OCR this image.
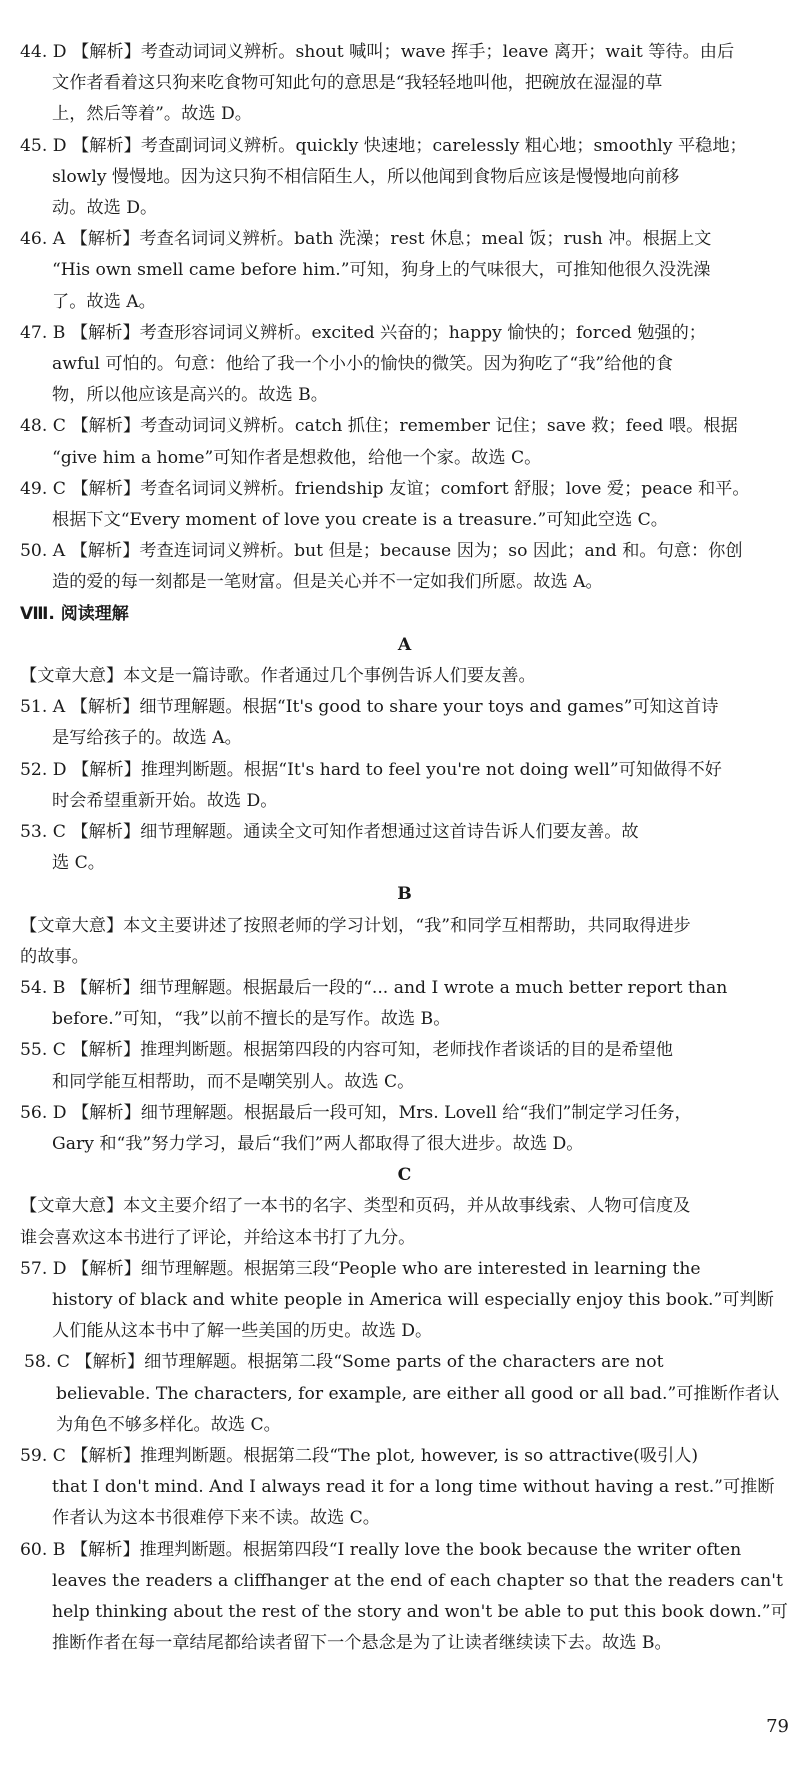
44. D 【解析】考查动词词义辨析。shout 喊叫；wave 挥手；leave 离开；wait 等待。由后
文作者看着这只狗来吃食物可知此句的意思是“我轻轻地叫他，把碗放在湿湿的草
上，然后等着”。故选 D。
45. D 【解析】考查副词词义辨析。quickly 快速地；carelessly 粗心地；smoothly 平稳地；
slowly 慢慢地。因为这只狗不相信陌生人，所以他闻到食物后应该是慢慢地向前移
动。故选 D。
46. A 【解析】考查名词词义辨析。bath 洗澡；rest 休息；meal 饭；rush 冲。根据上文
“His own smell came before him.”可知，狗身上的气味很大，可推知他很久没洗澡
了。故选 A。
47. B 【解析】考查形容词词义辨析。excited 兴奋的；happy 愉快的；forced 勉强的；
awful 可怕的。句意：他给了我一个小小的愉快的微笑。因为狗吃了“我”给他的食
物，所以他应该是高兴的。故选 B。
48. C 【解析】考查动词词义辨析。catch 抓住；remember 记住；save 救；feed 喂。根据
“give him a home”可知作者是想救他，给他一个家。故选 C。
49. C 【解析】考查名词词义辨析。friendship 友谊；comfort 舒服；love 爱；peace 和平。
根据下文“Every moment of love you create is a treasure.”可知此空选 C。
50. A 【解析】考查连词词义辨析。but 但是；because 因为；so 因此；and 和。句意：你创
造的爱的每一刻都是一笔财富。但是关心并不一定如我们所愿。故选 A。
Ⅷ. 阅读理解
A
【文章大意】本文是一篇诗歌。作者通过几个事例告诉人们要友善。
51. A 【解析】细节理解题。根据“It's good to share your toys and games”可知这首诗
是写给孩子的。故选 A。
52. D 【解析】推理判断题。根据“It's hard to feel you're not doing well”可知做得不好
时会希望重新开始。故选 D。
53. C 【解析】细节理解题。通读全文可知作者想通过这首诗告诉人们要友善。故
选 C。
B
【文章大意】本文主要讲述了按照老师的学习计划，“我”和同学互相帮助，共同取得进步
的故事。
54. B 【解析】细节理解题。根据最后一段的“... and I wrote a much better report than
before.”可知，“我”以前不擅长的是写作。故选 B。
55. C 【解析】推理判断题。根据第四段的内容可知，老师找作者谈话的目的是希望他
和同学能互相帮助，而不是嘲笑别人。故选 C。
56. D 【解析】细节理解题。根据最后一段可知，Mrs. Lovell 给“我们”制定学习任务，
Gary 和“我”努力学习，最后“我们”两人都取得了很大进步。故选 D。
C
【文章大意】本文主要介绍了一本书的名字、类型和页码，并从故事线索、人物可信度及
谁会喜欢这本书进行了评论，并给这本书打了九分。
57. D 【解析】细节理解题。根据第三段“People who are interested in learning the
history of black and white people in America will especially enjoy this book.”可判断
人们能从这本书中了解一些美国的历史。故选 D。
58. C 【解析】细节理解题。根据第二段“Some parts of the characters are not
believable. The characters, for example, are either all good or all bad.”可推断作者认
为角色不够多样化。故选 C。
59. C 【解析】推理判断题。根据第二段“The plot, however, is so attractive(吸引人)
that I don't mind. And I always read it for a long time without having a rest.”可推断
作者认为这本书很难停下来不读。故选 C。
60. B 【解析】推理判断题。根据第四段“I really love the book because the writer often
leaves the readers a cliffhanger at the end of each chapter so that the readers can't
help thinking about the rest of the story and won't be able to put this book down.”可
推断作者在每一章结尾都给读者留下一个悬念是为了让读者继续读下去。故选 B。
79
